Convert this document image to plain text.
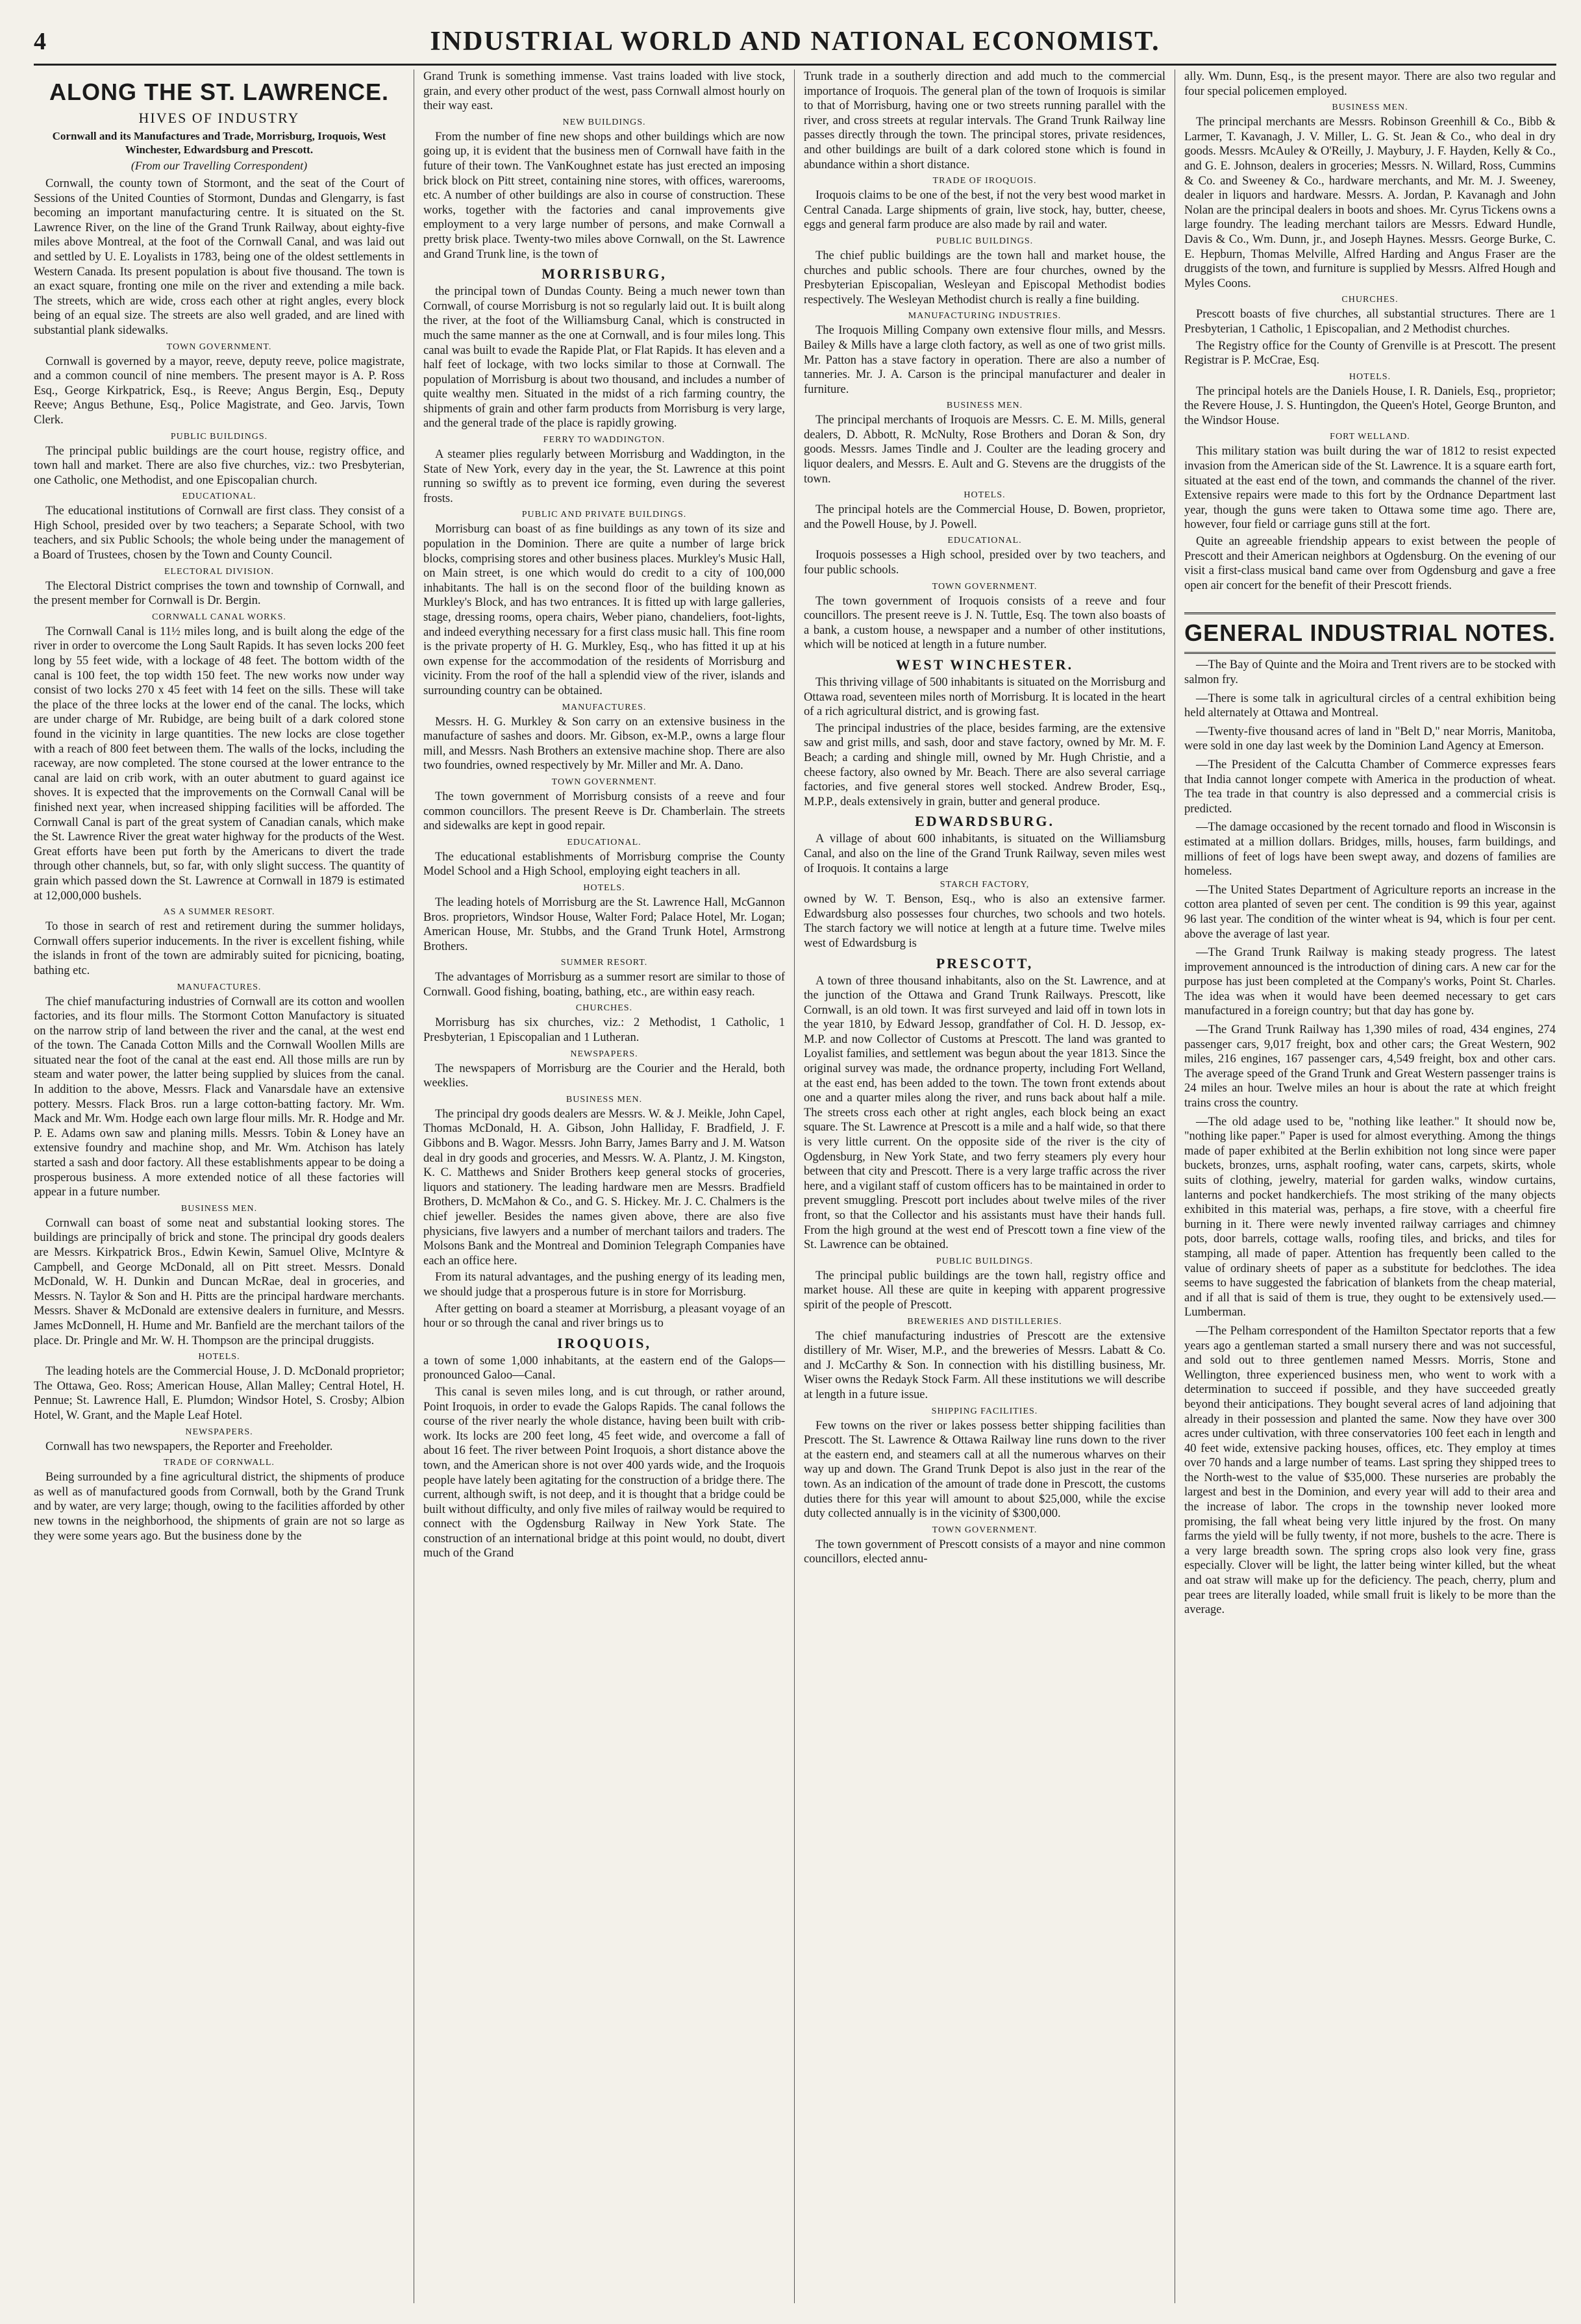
4	INDUSTRIAL WORLD AND NATIONAL ECONOMIST.
ALONG THE ST. LAWRENCE.
HIVES OF INDUSTRY
Cornwall and its Manufactures and Trade, Morrisburg, Iroquois, West Winchester, Edwardsburg and Prescott.
(From our Travelling Correspondent)

Cornwall, the county town of Stormont, and the seat of the Court of Sessions of the United Counties of Stormont, Dundas and Glengarry, is fast becoming an important manufacturing centre. It is situated on the St. Lawrence River, on the line of the Grand Trunk Railway, about eighty-five miles above Montreal, at the foot of the Cornwall Canal, and was laid out and settled by U. E. Loyalists in 1783, being one of the oldest settlements in Western Canada. Its present population is about five thousand. The town is an exact square, fronting one mile on the river and extending a mile back. The streets, which are wide, cross each other at right angles, every block being of an equal size. The streets are also well graded, and are lined with substantial plank sidewalks.

TOWN GOVERNMENT.

Cornwall is governed by a mayor, reeve, deputy reeve, police magistrate, and a common council of nine members. The present mayor is A. P. Ross Esq., George Kirkpatrick, Esq., is Reeve; Angus Bergin, Esq., Deputy Reeve; Angus Bethune, Esq., Police Magistrate, and Geo. Jarvis, Town Clerk.

PUBLIC BUILDINGS.

The principal public buildings are the court house, registry office, and town hall and market. There are also five churches, viz.: two Presbyterian, one Catholic, one Methodist, and one Episcopalian church.

EDUCATIONAL.

The educational institutions of Cornwall are first class. They consist of a High School, presided over by two teachers; a Separate School, with two teachers, and six Public Schools; the whole being under the management of a Board of Trustees, chosen by the Town and County Council.

ELECTORAL DIVISION.

The Electoral District comprises the town and township of Cornwall, and the present member for Cornwall is Dr. Bergin.

CORNWALL CANAL WORKS.

The Cornwall Canal is 11½ miles long, and is built along the edge of the river in order to overcome the Long Sault Rapids. It has seven locks 200 feet long by 55 feet wide, with a lockage of 48 feet. The bottom width of the canal is 100 feet, the top width 150 feet. The new works now under way consist of two locks 270 x 45 feet with 14 feet on the sills. These will take the place of the three locks at the lower end of the canal. The locks, which are under charge of Mr. Rubidge, are being built of a dark colored stone found in the vicinity in large quantities. The new locks are close together with a reach of 800 feet between them. The walls of the locks, including the raceway, are now completed. The stone coursed at the lower entrance to the canal are laid on crib work, with an outer abutment to guard against ice shoves. It is expected that the improvements on the Cornwall Canal will be finished next year, when increased shipping facilities will be afforded. The Cornwall Canal is part of the great system of Canadian canals, which make the St. Lawrence River the great water highway for the products of the West. Great efforts have been put forth by the Americans to divert the trade through other channels, but, so far, with only slight success. The quantity of grain which passed down the St. Lawrence at Cornwall in 1879 is estimated at 12,000,000 bushels.

AS A SUMMER RESORT.

To those in search of rest and retirement during the summer holidays, Cornwall offers superior inducements. In the river is excellent fishing, while the islands in front of the town are admirably suited for picnicing, boating, bathing etc.

MANUFACTURES.

The chief manufacturing industries of Cornwall are its cotton and woollen factories, and its flour mills. The Stormont Cotton Manufactory is situated on the narrow strip of land between the river and the canal, at the west end of the town. The Canada Cotton Mills and the Cornwall Woollen Mills are situated near the foot of the canal at the east end. All those mills are run by steam and water power, the latter being supplied by sluices from the canal. In addition to the above, Messrs. Flack and Vanarsdale have an extensive pottery. Messrs. Flack Bros. run a large cotton-batting factory. Mr. Wm. Mack and Mr. Wm. Hodge each own large flour mills. Mr. R. Hodge and Mr. P. E. Adams own saw and planing mills. Messrs. Tobin & Loney have an extensive foundry and machine shop, and Mr. Wm. Atchison has lately started a sash and door factory. All these establishments appear to be doing a prosperous business. A more extended notice of all these factories will appear in a future number.

BUSINESS MEN.

Cornwall can boast of some neat and substantial looking stores. The buildings are principally of brick and stone. The principal dry goods dealers are Messrs. Kirkpatrick Bros., Edwin Kewin, Samuel Olive, McIntyre & Campbell, and George McDonald, all on Pitt street. Messrs. Donald McDonald, W. H. Dunkin and Duncan McRae, deal in groceries, and Messrs. N. Taylor & Son and H. Pitts are the principal hardware merchants. Messrs. Shaver & McDonald are extensive dealers in furniture, and Messrs. James McDonnell, H. Hume and Mr. Banfield are the merchant tailors of the place. Dr. Pringle and Mr. W. H. Thompson are the principal druggists.

HOTELS.

The leading hotels are the Commercial House, J. D. McDonald proprietor; The Ottawa, Geo. Ross; American House, Allan Malley; Central Hotel, H. Pennue; St. Lawrence Hall, E. Plumdon; Windsor Hotel, S. Crosby; Albion Hotel, W. Grant, and the Maple Leaf Hotel.

NEWSPAPERS.

Cornwall has two newspapers, the Reporter and Freeholder.

TRADE OF CORNWALL.

Being surrounded by a fine agricultural district, the shipments of produce as well as of manufactured goods from Cornwall, both by the Grand Trunk and by water, are very large; though, owing to the facilities afforded by other new towns in the neighborhood, the shipments of grain are not so large as they were some years ago. But the business done by the

Grand Trunk is something immense. Vast trains loaded with live stock, grain, and every other product of the west, pass Cornwall almost hourly on their way east.

NEW BUILDINGS.

From the number of fine new shops and other buildings which are now going up, it is evident that the business men of Cornwall have faith in the future of their town. The VanKoughnet estate has just erected an imposing brick block on Pitt street, containing nine stores, with offices, warerooms, etc. A number of other buildings are also in course of construction. These works, together with the factories and canal improvements give employment to a very large number of persons, and make Cornwall a pretty brisk place. Twenty-two miles above Cornwall, on the St. Lawrence and Grand Trunk line, is the town of

MORRISBURG,

the principal town of Dundas County. Being a much newer town than Cornwall, of course Morrisburg is not so regularly laid out. It is built along the river, at the foot of the Williamsburg Canal, which is constructed in much the same manner as the one at Cornwall, and is four miles long. This canal was built to evade the Rapide Plat, or Flat Rapids. It has eleven and a half feet of lockage, with two locks similar to those at Cornwall. The population of Morrisburg is about two thousand, and includes a number of quite wealthy men. Situated in the midst of a rich farming country, the shipments of grain and other farm products from Morrisburg is very large, and the general trade of the place is rapidly growing.

FERRY TO WADDINGTON.

A steamer plies regularly between Morrisburg and Waddington, in the State of New York, every day in the year, the St. Lawrence at this point running so swiftly as to prevent ice forming, even during the severest frosts.

PUBLIC AND PRIVATE BUILDINGS.

Morrisburg can boast of as fine buildings as any town of its size and population in the Dominion. There are quite a number of large brick blocks, comprising stores and other business places. Murkley's Music Hall, on Main street, is one which would do credit to a city of 100,000 inhabitants. The hall is on the second floor of the building known as Murkley's Block, and has two entrances. It is fitted up with large galleries, stage, dressing rooms, opera chairs, Weber piano, chandeliers, foot-lights, and indeed everything necessary for a first class music hall. This fine room is the private property of H. G. Murkley, Esq., who has fitted it up at his own expense for the accommodation of the residents of Morrisburg and vicinity. From the roof of the hall a splendid view of the river, islands and surrounding country can be obtained.

MANUFACTURES.

Messrs. H. G. Murkley & Son carry on an extensive business in the manufacture of sashes and doors. Mr. Gibson, ex-M.P., owns a large flour mill, and Messrs. Nash Brothers an extensive machine shop. There are also two foundries, owned respectively by Mr. Miller and Mr. A. Dano.

TOWN GOVERNMENT.

The town government of Morrisburg consists of a reeve and four common councillors. The present Reeve is Dr. Chamberlain. The streets and sidewalks are kept in good repair.

EDUCATIONAL.

The educational establishments of Morrisburg comprise the County Model School and a High School, employing eight teachers in all.

HOTELS.

The leading hotels of Morrisburg are the St. Lawrence Hall, McGannon Bros. proprietors, Windsor House, Walter Ford; Palace Hotel, Mr. Logan; American House, Mr. Stubbs, and the Grand Trunk Hotel, Armstrong Brothers.

SUMMER RESORT.

The advantages of Morrisburg as a summer resort are similar to those of Cornwall. Good fishing, boating, bathing, etc., are within easy reach.

CHURCHES.

Morrisburg has six churches, viz.: 2 Methodist, 1 Catholic, 1 Presbyterian, 1 Episcopalian and 1 Lutheran.

NEWSPAPERS.

The newspapers of Morrisburg are the Courier and the Herald, both weeklies.

BUSINESS MEN.

The principal dry goods dealers are Messrs. W. & J. Meikle, John Capel, Thomas McDonald, H. A. Gibson, John Halliday, F. Bradfield, J. F. Gibbons and B. Wagor. Messrs. John Barry, James Barry and J. M. Watson deal in dry goods and groceries, and Messrs. W. A. Plantz, J. M. Kingston, K. C. Matthews and Snider Brothers keep general stocks of groceries, liquors and stationery. The leading hardware men are Messrs. Bradfield Brothers, D. McMahon & Co., and G. S. Hickey. Mr. J. C. Chalmers is the chief jeweller. Besides the names given above, there are also five physicians, five lawyers and a number of merchant tailors and traders. The Molsons Bank and the Montreal and Dominion Telegraph Companies have each an office here.

From its natural advantages, and the pushing energy of its leading men, we should judge that a prosperous future is in store for Morrisburg.

After getting on board a steamer at Morrisburg, a pleasant voyage of an hour or so through the canal and river brings us to

IROQUOIS,

a town of some 1,000 inhabitants, at the eastern end of the Galops—pronounced Galoo—Canal.

This canal is seven miles long, and is cut through, or rather around, Point Iroquois, in order to evade the Galops Rapids. The canal follows the course of the river nearly the whole distance, having been built with crib-work. Its locks are 200 feet long, 45 feet wide, and overcome a fall of about 16 feet. The river between Point Iroquois, a short distance above the town, and the American shore is not over 400 yards wide, and the Iroquois people have lately been agitating for the construction of a bridge there. The current, although swift, is not deep, and it is thought that a bridge could be built without difficulty, and only five miles of railway would be required to connect with the Ogdensburg Railway in New York State. The construction of an international bridge at this point would, no doubt, divert much of the Grand

Trunk trade in a southerly direction and add much to the commercial importance of Iroquois. The general plan of the town of Iroquois is similar to that of Morrisburg, having one or two streets running parallel with the river, and cross streets at regular intervals. The Grand Trunk Railway line passes directly through the town. The principal stores, private residences, and other buildings are built of a dark colored stone which is found in abundance within a short distance.

TRADE OF IROQUOIS.

Iroquois claims to be one of the best, if not the very best wood market in Central Canada. Large shipments of grain, live stock, hay, butter, cheese, eggs and general farm produce are also made by rail and water.

PUBLIC BUILDINGS.

The chief public buildings are the town hall and market house, the churches and public schools. There are four churches, owned by the Presbyterian Episcopalian, Wesleyan and Episcopal Methodist bodies respectively. The Wesleyan Methodist church is really a fine building.

MANUFACTURING INDUSTRIES.

The Iroquois Milling Company own extensive flour mills, and Messrs. Bailey & Mills have a large cloth factory, as well as one of two grist mills. Mr. Patton has a stave factory in operation. There are also a number of tanneries. Mr. J. A. Carson is the principal manufacturer and dealer in furniture.

BUSINESS MEN.

The principal merchants of Iroquois are Messrs. C. E. M. Mills, general dealers, D. Abbott, R. McNulty, Rose Brothers and Doran & Son, dry goods. Messrs. James Tindle and J. Coulter are the leading grocery and liquor dealers, and Messrs. E. Ault and G. Stevens are the druggists of the town.

HOTELS.

The principal hotels are the Commercial House, D. Bowen, proprietor, and the Powell House, by J. Powell.

EDUCATIONAL.

Iroquois possesses a High school, presided over by two teachers, and four public schools.

TOWN GOVERNMENT.

The town government of Iroquois consists of a reeve and four councillors. The present reeve is J. N. Tuttle, Esq. The town also boasts of a bank, a custom house, a newspaper and a number of other institutions, which will be noticed at length in a future number.

WEST WINCHESTER.

This thriving village of 500 inhabitants is situated on the Morrisburg and Ottawa road, seventeen miles north of Morrisburg. It is located in the heart of a rich agricultural district, and is growing fast.

The principal industries of the place, besides farming, are the extensive saw and grist mills, and sash, door and stave factory, owned by Mr. M. F. Beach; a carding and shingle mill, owned by Mr. Hugh Christie, and a cheese factory, also owned by Mr. Beach. There are also several carriage factories, and five general stores well stocked. Andrew Broder, Esq., M.P.P., deals extensively in grain, butter and general produce.

EDWARDSBURG.

A village of about 600 inhabitants, is situated on the Williamsburg Canal, and also on the line of the Grand Trunk Railway, seven miles west of Iroquois. It contains a large

STARCH FACTORY,

owned by W. T. Benson, Esq., who is also an extensive farmer. Edwardsburg also possesses four churches, two schools and two hotels. The starch factory we will notice at length at a future time. Twelve miles west of Edwardsburg is

PRESCOTT,

A town of three thousand inhabitants, also on the St. Lawrence, and at the junction of the Ottawa and Grand Trunk Railways. Prescott, like Cornwall, is an old town. It was first surveyed and laid off in town lots in the year 1810, by Edward Jessop, grandfather of Col. H. D. Jessop, ex-M.P. and now Collector of Customs at Prescott. The land was granted to Loyalist families, and settlement was begun about the year 1813. Since the original survey was made, the ordnance property, including Fort Welland, at the east end, has been added to the town. The town front extends about one and a quarter miles along the river, and runs back about half a mile. The streets cross each other at right angles, each block being an exact square. The St. Lawrence at Prescott is a mile and a half wide, so that there is very little current. On the opposite side of the river is the city of Ogdensburg, in New York State, and two ferry steamers ply every hour between that city and Prescott. There is a very large traffic across the river here, and a vigilant staff of custom officers has to be maintained in order to prevent smuggling. Prescott port includes about twelve miles of the river front, so that the Collector and his assistants must have their hands full. From the high ground at the west end of Prescott town a fine view of the St. Lawrence can be obtained.

PUBLIC BUILDINGS.

The principal public buildings are the town hall, registry office and market house. All these are quite in keeping with apparent progressive spirit of the people of Prescott.

BREWERIES AND DISTILLERIES.

The chief manufacturing industries of Prescott are the extensive distillery of Mr. Wiser, M.P., and the breweries of Messrs. Labatt & Co. and J. McCarthy & Son. In connection with his distilling business, Mr. Wiser owns the Redayk Stock Farm. All these institutions we will describe at length in a future issue.

SHIPPING FACILITIES.

Few towns on the river or lakes possess better shipping facilities than Prescott. The St. Lawrence & Ottawa Railway line runs down to the river at the eastern end, and steamers call at all the numerous wharves on their way up and down. The Grand Trunk Depot is also just in the rear of the town. As an indication of the amount of trade done in Prescott, the customs duties there for this year will amount to about $25,000, while the excise duty collected annually is in the vicinity of $300,000.

TOWN GOVERNMENT.

The town government of Prescott consists of a mayor and nine common councillors, elected annu-

ally. Wm. Dunn, Esq., is the present mayor. There are also two regular and four special policemen employed.

BUSINESS MEN.

The principal merchants are Messrs. Robinson Greenhill & Co., Bibb & Larmer, T. Kavanagh, J. V. Miller, L. G. St. Jean & Co., who deal in dry goods. Messrs. McAuley & O'Reilly, J. Maybury, J. F. Hayden, Kelly & Co., and G. E. Johnson, dealers in groceries; Messrs. N. Willard, Ross, Cummins & Co. and Sweeney & Co., hardware merchants, and Mr. M. J. Sweeney, dealer in liquors and hardware. Messrs. A. Jordan, P. Kavanagh and John Nolan are the principal dealers in boots and shoes. Mr. Cyrus Tickens owns a large foundry. The leading merchant tailors are Messrs. Edward Hundle, Davis & Co., Wm. Dunn, jr., and Joseph Haynes. Messrs. George Burke, C. E. Hepburn, Thomas Melville, Alfred Harding and Angus Fraser are the druggists of the town, and furniture is supplied by Messrs. Alfred Hough and Myles Coons.

CHURCHES.

Prescott boasts of five churches, all substantial structures. There are 1 Presbyterian, 1 Catholic, 1 Episcopalian, and 2 Methodist churches.

The Registry office for the County of Grenville is at Prescott. The present Registrar is P. McCrae, Esq.

HOTELS.

The principal hotels are the Daniels House, I. R. Daniels, Esq., proprietor; the Revere House, J. S. Huntingdon, the Queen's Hotel, George Brunton, and the Windsor House.

FORT WELLAND.

This military station was built during the war of 1812 to resist expected invasion from the American side of the St. Lawrence. It is a square earth fort, situated at the east end of the town, and commands the channel of the river. Extensive repairs were made to this fort by the Ordnance Department last year, though the guns were taken to Ottawa some time ago. There are, however, four field or carriage guns still at the fort.

Quite an agreeable friendship appears to exist between the people of Prescott and their American neighbors at Ogdensburg. On the evening of our visit a first-class musical band came over from Ogdensburg and gave a free open air concert for the benefit of their Prescott friends.

GENERAL INDUSTRIAL NOTES.

—The Bay of Quinte and the Moira and Trent rivers are to be stocked with salmon fry.

—There is some talk in agricultural circles of a central exhibition being held alternately at Ottawa and Montreal.

—Twenty-five thousand acres of land in "Belt D," near Morris, Manitoba, were sold in one day last week by the Dominion Land Agency at Emerson.

—The President of the Calcutta Chamber of Commerce expresses fears that India cannot longer compete with America in the production of wheat. The tea trade in that country is also depressed and a commercial crisis is predicted.

—The damage occasioned by the recent tornado and flood in Wisconsin is estimated at a million dollars. Bridges, mills, houses, farm buildings, and millions of feet of logs have been swept away, and dozens of families are homeless.

—The United States Department of Agriculture reports an increase in the cotton area planted of seven per cent. The condition is 99 this year, against 96 last year. The condition of the winter wheat is 94, which is four per cent. above the average of last year.

—The Grand Trunk Railway is making steady progress. The latest improvement announced is the introduction of dining cars. A new car for the purpose has just been completed at the Company's works, Point St. Charles. The idea was when it would have been deemed necessary to get cars manufactured in a foreign country; but that day has gone by.

—The Grand Trunk Railway has 1,390 miles of road, 434 engines, 274 passenger cars, 9,017 freight, box and other cars; the Great Western, 902 miles, 216 engines, 167 passenger cars, 4,549 freight, box and other cars. The average speed of the Grand Trunk and Great Western passenger trains is 24 miles an hour. Twelve miles an hour is about the rate at which freight trains cross the country.

—The old adage used to be, "nothing like leather." It should now be, "nothing like paper." Paper is used for almost everything. Among the things made of paper exhibited at the Berlin exhibition not long since were paper buckets, bronzes, urns, asphalt roofing, water cans, carpets, skirts, whole suits of clothing, jewelry, material for garden walks, window curtains, lanterns and pocket handkerchiefs. The most striking of the many objects exhibited in this material was, perhaps, a fire stove, with a cheerful fire burning in it. There were newly invented railway carriages and chimney pots, door barrels, cottage walls, roofing tiles, and bricks, and tiles for stamping, all made of paper. Attention has frequently been called to the value of ordinary sheets of paper as a substitute for bedclothes. The idea seems to have suggested the fabrication of blankets from the cheap material, and if all that is said of them is true, they ought to be extensively used.—Lumberman.

—The Pelham correspondent of the Hamilton Spectator reports that a few years ago a gentleman started a small nursery there and was not successful, and sold out to three gentlemen named Messrs. Morris, Stone and Wellington, three experienced business men, who went to work with a determination to succeed if possible, and they have succeeded greatly beyond their anticipations. They bought several acres of land adjoining that already in their possession and planted the same. Now they have over 300 acres under cultivation, with three conservatories 100 feet each in length and 40 feet wide, extensive packing houses, offices, etc. They employ at times over 70 hands and a large number of teams. Last spring they shipped trees to the North-west to the value of $35,000. These nurseries are probably the largest and best in the Dominion, and every year will add to their area and the increase of labor. The crops in the township never looked more promising, the fall wheat being very little injured by the frost. On many farms the yield will be fully twenty, if not more, bushels to the acre. There is a very large breadth sown. The spring crops also look very fine, grass especially. Clover will be light, the latter being winter killed, but the wheat and oat straw will make up for the deficiency. The peach, cherry, plum and pear trees are literally loaded, while small fruit is likely to be more than the average.
